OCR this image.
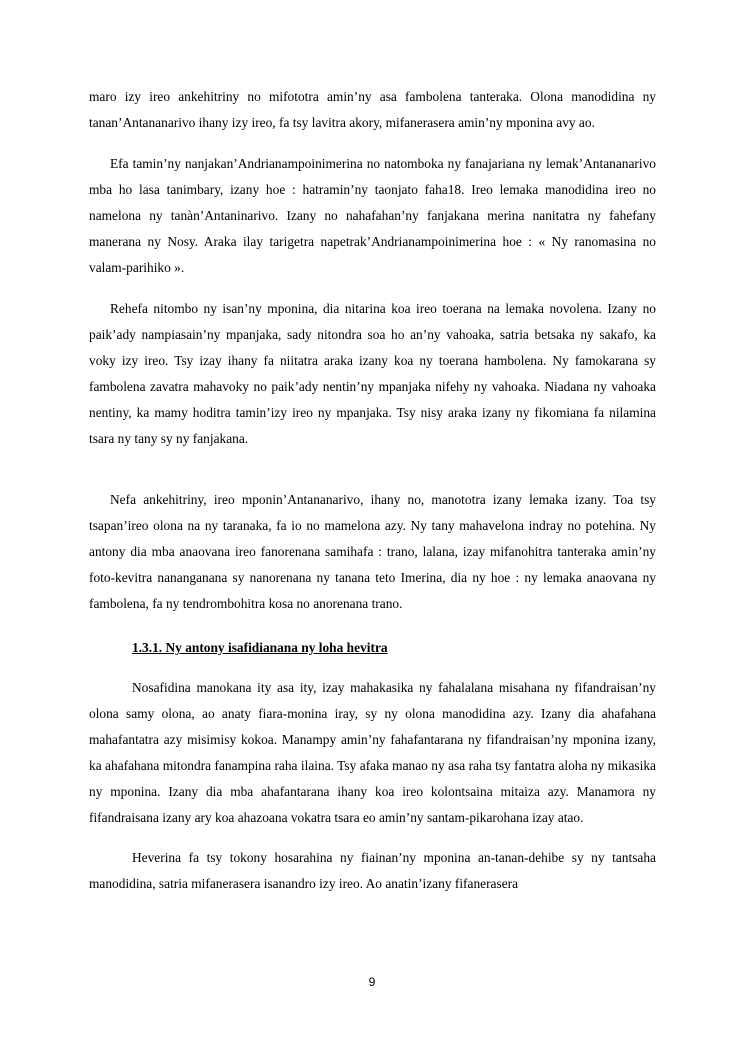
maro izy ireo ankehitriny no mifototra amin’ny asa fambolena tanteraka. Olona manodidina ny tanan’Antananarivo ihany izy ireo, fa tsy lavitra akory, mifanerasera amin’ny mponina avy ao.

Efa tamin’ny nanjakan’Andrianampoinimerina no natomboka ny fanajariana ny lemak’Antananarivo mba ho lasa tanimbary, izany hoe : hatramin’ny taonjato faha18. Ireo lemaka manodidina ireo no namelona ny tanàn’Antaninarivo. Izany no nahafahan’ny fanjakana merina nanitatra ny fahefany manerana ny Nosy. Araka ilay tarigetra napetrak’Andrianampoinimerina hoe : « Ny ranomasina no valam-parihiko ».

Rehefa nitombo ny isan’ny mponina, dia nitarina koa ireo toerana na lemaka novolena. Izany no paik’ady nampiasain’ny mpanjaka, sady nitondra soa ho an’ny vahoaka, satria betsaka ny sakafo, ka voky izy ireo. Tsy izay ihany fa niitatra araka izany koa ny toerana hambolena. Ny famokarana sy fambolena zavatra mahavoky no paik’ady nentin’ny mpanjaka nifehy ny vahoaka. Niadana ny vahoaka nentiny, ka mamy hoditra tamin’izy ireo ny mpanjaka. Tsy nisy araka izany ny fikomiana fa nilamina tsara ny tany sy ny fanjakana.

Nefa ankehitriny, ireo mponin’Antananarivo, ihany no, manototra izany lemaka izany. Toa tsy tsapan’ireo olona na ny taranaka, fa io no mamelona azy. Ny tany mahavelona indray no potehina. Ny antony dia mba anaovana ireo fanorenana samihafa : trano, lalana, izay mifanohitra tanteraka amin’ny foto-kevitra nananganana sy nanorenana ny tanana teto Imerina, dia ny hoe : ny lemaka anaovana ny fambolena, fa ny tendrombohitra kosa no anorenana trano.

1.3.1. Ny antony isafidianana ny loha hevitra

Nosafidina manokana ity asa ity, izay mahakasika ny fahalalana misahana ny fifandraisan’ny olona samy olona, ao anaty fiara-monina iray, sy ny olona manodidina azy. Izany dia ahafahana mahafantatra azy misimisy kokoa. Manampy amin’ny fahafantarana ny fifandraisan’ny mponina izany, ka ahafahana mitondra fanampina raha ilaina. Tsy afaka manao ny asa raha tsy fantatra aloha ny mikasika ny mponina. Izany dia mba ahafantarana ihany koa ireo kolontsaina mitaiza azy. Manamora ny fifandraisana izany ary koa ahazoana vokatra tsara eo amin’ny santam-pikarohana izay atao.

Heverina fa tsy tokony hosarahina ny fiainan’ny mponina an-tanan-dehibe sy ny tantsaha manodidina, satria mifanerasera isanandro izy ireo. Ao anatin’izany fifanerasera

9
